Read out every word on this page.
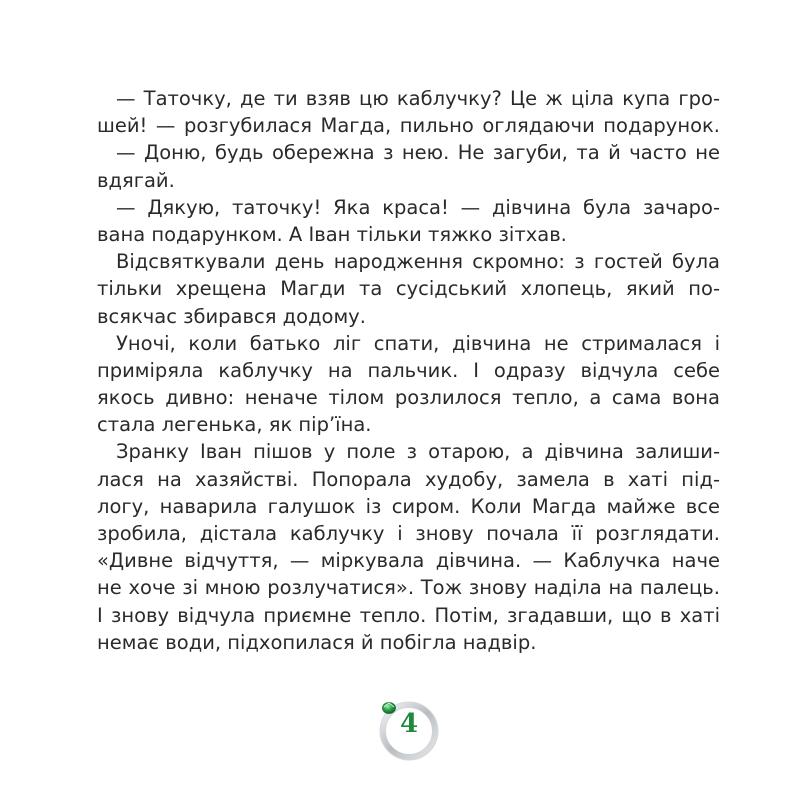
— Таточку, де ти взяв цю каблучку? Це ж ціла купа гро-
шей! — розгубилася Магда, пильно оглядаючи подарунок.
— Доню, будь обережна з нею. Не загуби, та й часто не
вдягай.
— Дякую, таточку! Яка краса! — дівчина була зачаро-
вана подарунком. А Іван тільки тяжко зітхав.
Відсвяткували день народження скромно: з гостей була
тільки хрещена Магди та сусідський хлопець, який по-
всякчас збирався додому.
Уночі, коли батько ліг спати, дівчина не стрималася і
приміряла каблучку на пальчик. І одразу відчула себе
якось дивно: неначе тілом розлилося тепло, а сама вона
стала легенька, як пір’їна.
Зранку Іван пішов у поле з отарою, а дівчина залиши-
лася на хазяйстві. Попорала худобу, замела в хаті під-
логу, наварила галушок із сиром. Коли Магда майже все
зробила, дістала каблучку і знову почала її розглядати.
«Дивне відчуття, — міркувала дівчина. — Каблучка наче
не хоче зі мною розлучатися». Тож знову наділа на палець.
І знову відчула приємне тепло. Потім, згадавши, що в хаті
немає води, підхопилася й побігла надвір.
4
